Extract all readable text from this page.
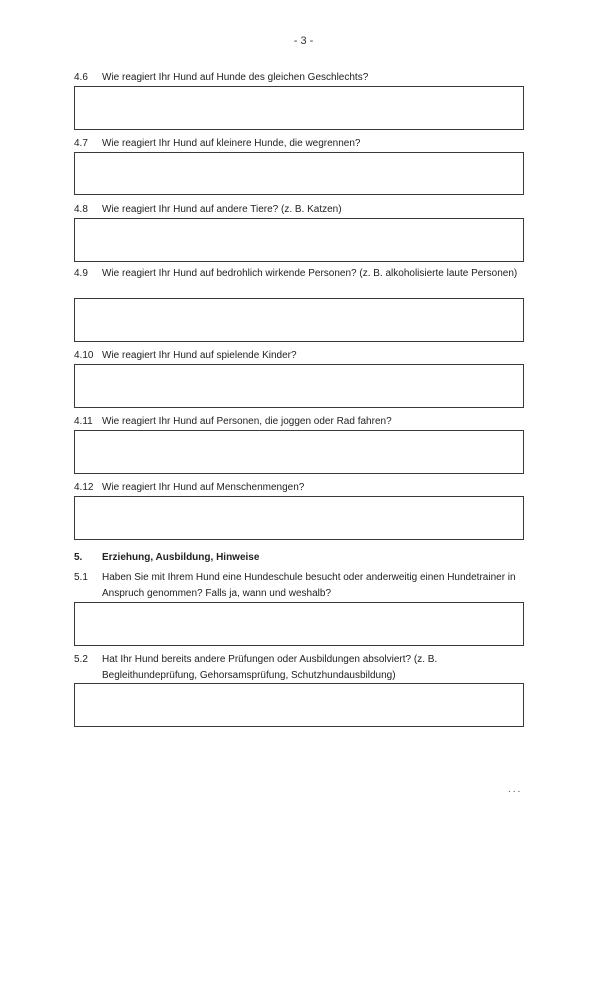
- 3 -
4.6 Wie reagiert Ihr Hund auf Hunde des gleichen Geschlechts?
4.7 Wie reagiert Ihr Hund auf kleinere Hunde, die wegrennen?
4.8 Wie reagiert Ihr Hund auf andere Tiere? (z. B. Katzen)
4.9 Wie reagiert Ihr Hund auf bedrohlich wirkende Personen? (z. B. alkoholisierte laute Personen)
4.10 Wie reagiert Ihr Hund auf spielende Kinder?
4.11 Wie reagiert Ihr Hund auf Personen, die joggen oder Rad fahren?
4.12 Wie reagiert Ihr Hund auf Menschenmengen?
5. Erziehung, Ausbildung, Hinweise
5.1 Haben Sie mit Ihrem Hund eine Hundeschule besucht oder anderweitig einen Hundetrainer in Anspruch genommen? Falls ja, wann und weshalb?
5.2 Hat Ihr Hund bereits andere Prüfungen oder Ausbildungen absolviert? (z. B. Begleithundeprüfung, Gehorsamsprüfung, Schutzhundausbildung)
...
